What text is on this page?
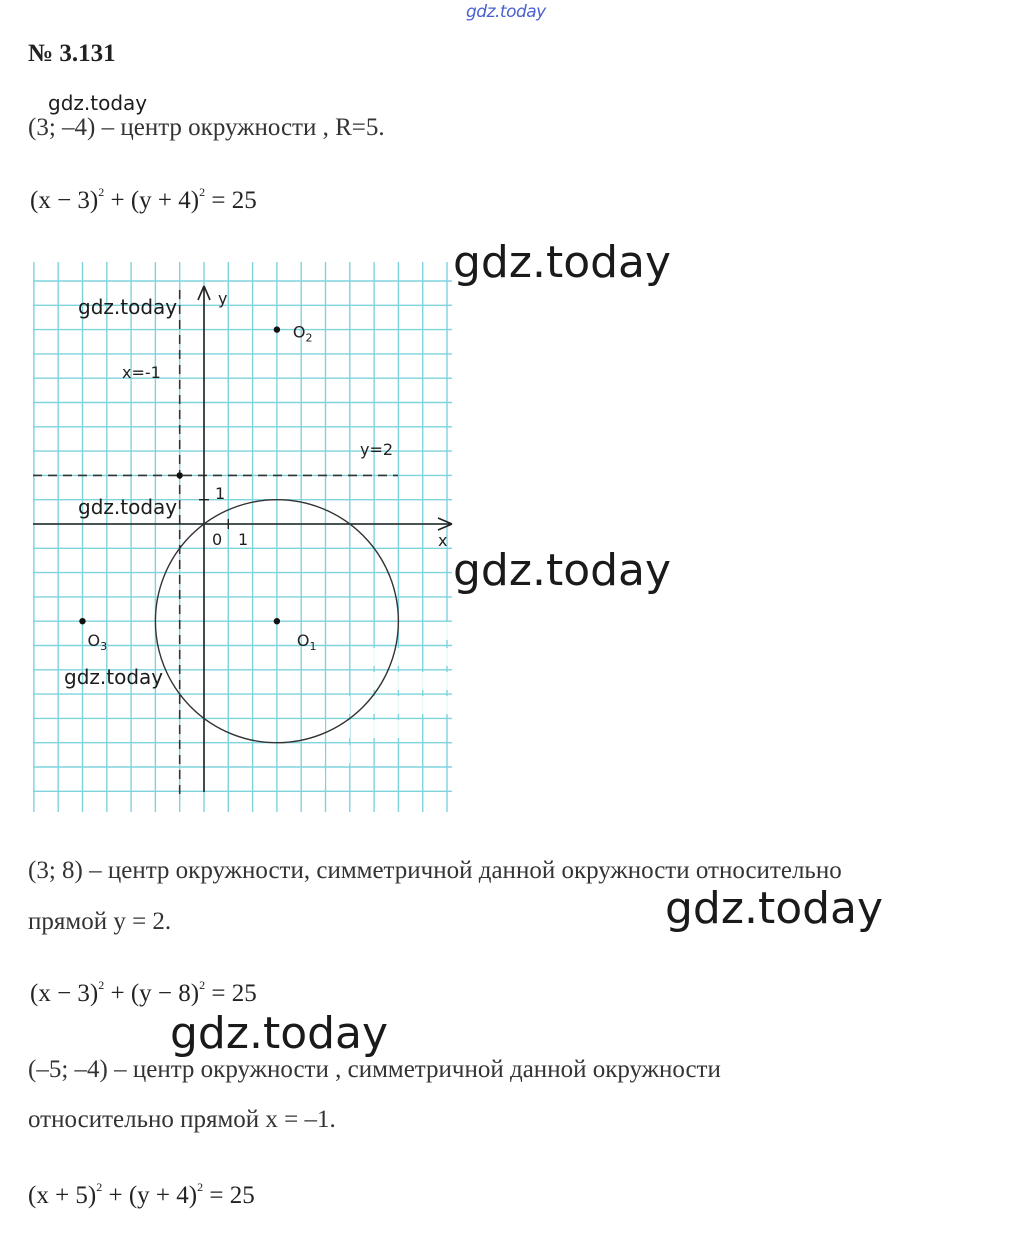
gdz.today
№ 3.131
gdz.today
(3; –4) – центр окружности , R=5.
$(x - 3)^2 + (y + 4)^2 = 25$
x
y
0 1
1
x=-1
y=2
$O_1$
$O_2$
$O_3$
gdz.today
gdz.today
gdz.today
gdz.today
gdz.today
(3; 8) – центр окружности, симметричной данной окружности относительно
прямой y = 2.	gdz.today
$(x - 3)^2 + (y - 8)^2 = 25$
gdz.today
(–5; –4) – центр окружности , симметричной данной окружности
относительно прямой x = –1.
$(x + 5)^2 + (y + 4)^2 = 25$
